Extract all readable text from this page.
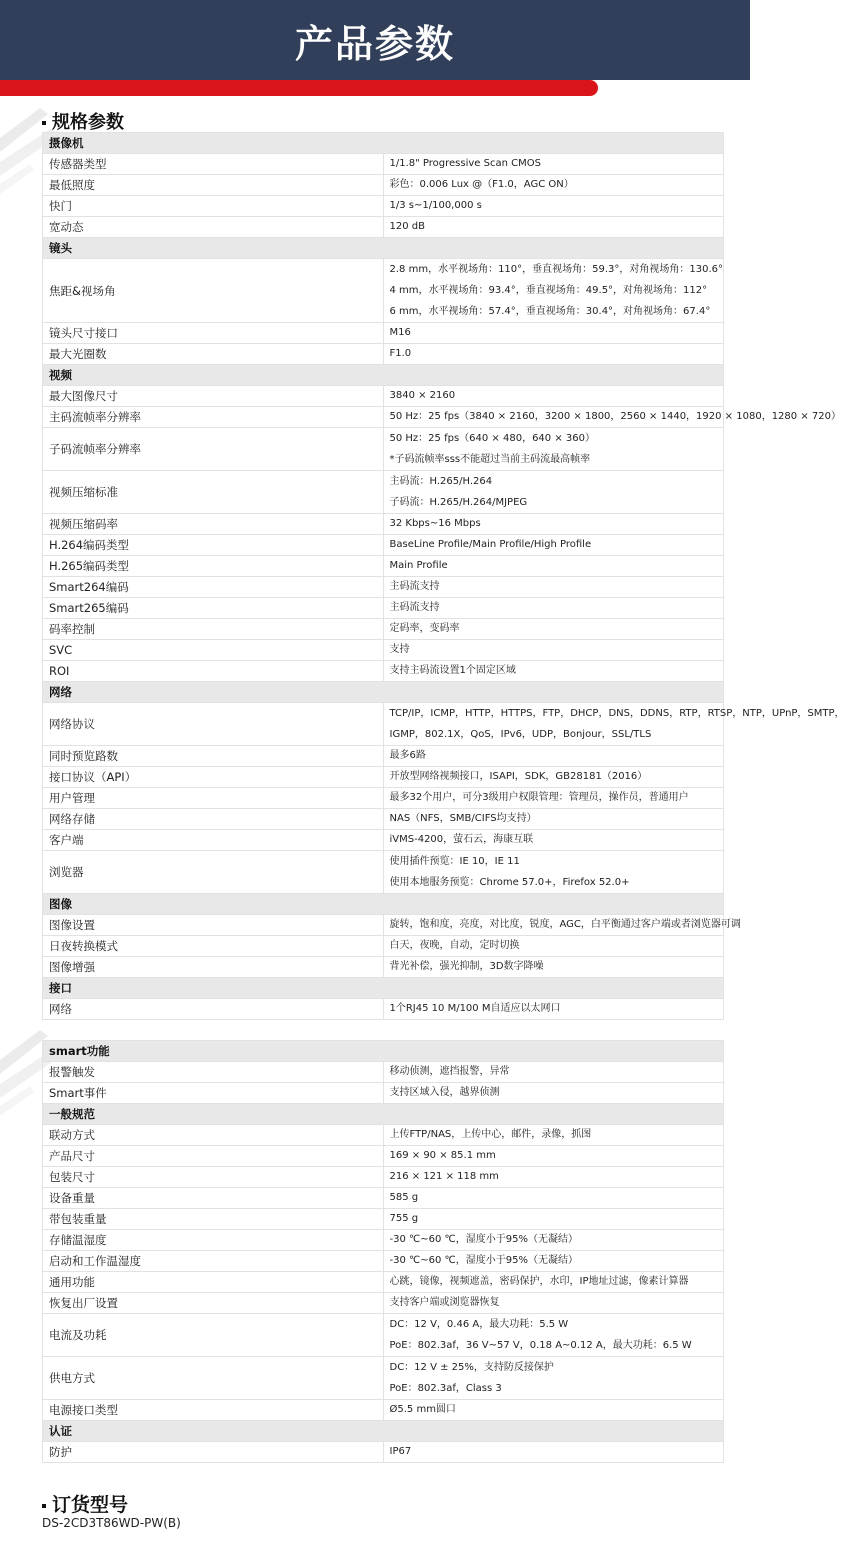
产品参数
规格参数
摄像机	
传感器类型	1/1.8" Progressive Scan CMOS

最低照度	彩色：0.006 Lux @（F1.0，AGC ON）

快门	1/3 s~1/100,000 s

宽动态	120 dB

镜头	
焦距&视场角	2.8 mm，水平视场角：110°，垂直视场角：59.3°，对角视场角：130.6°
4 mm，水平视场角：93.4°，垂直视场角：49.5°，对角视场角：112°
6 mm，水平视场角：57.4°，垂直视场角：30.4°，对角视场角：67.4°

镜头尺寸接口	M16

最大光圈数	F1.0

视频	
最大图像尺寸	3840 × 2160

主码流帧率分辨率	50 Hz：25 fps（3840 × 2160，3200 × 1800，2560 × 1440，1920 × 1080，1280 × 720）

子码流帧率分辨率	50 Hz：25 fps（640 × 480，640 × 360）
*子码流帧率sss不能超过当前主码流最高帧率

视频压缩标准	主码流：H.265/H.264
子码流：H.265/H.264/MJPEG

视频压缩码率	32 Kbps~16 Mbps

H.264编码类型	BaseLine Profile/Main Profile/High Profile

H.265编码类型	Main Profile

Smart264编码	主码流支持

Smart265编码	主码流支持

码率控制	定码率，变码率

SVC	支持

ROI	支持主码流设置1个固定区域

网络	
网络协议	TCP/IP，ICMP，HTTP，HTTPS，FTP，DHCP，DNS，DDNS，RTP，RTSP，NTP，UPnP，SMTP，
IGMP，802.1X，QoS，IPv6，UDP，Bonjour，SSL/TLS

同时预览路数	最多6路

接口协议（API）	开放型网络视频接口，ISAPI，SDK，GB28181（2016）

用户管理	最多32个用户，可分3级用户权限管理：管理员，操作员，普通用户

网络存储	NAS（NFS，SMB/CIFS均支持）

客户端	iVMS-4200，萤石云，海康互联

浏览器	使用插件预览：IE 10，IE 11
使用本地服务预览：Chrome 57.0+，Firefox 52.0+

图像	
图像设置	旋转，饱和度，亮度，对比度，锐度，AGC，白平衡通过客户端或者浏览器可调

日夜转换模式	白天，夜晚，自动，定时切换

图像增强	背光补偿，强光抑制，3D数字降噪

接口	
网络	1个RJ45 10 M/100 M自适应以太网口
smart功能	
报警触发	移动侦测，遮挡报警，异常

Smart事件	支持区域入侵，越界侦测

一般规范	
联动方式	上传FTP/NAS，上传中心，邮件，录像，抓图

产品尺寸	169 × 90 × 85.1 mm

包装尺寸	216 × 121 × 118 mm

设备重量	585 g

带包装重量	755 g

存储温湿度	-30 ℃~60 ℃，湿度小于95%（无凝结）

启动和工作温湿度	-30 ℃~60 ℃，湿度小于95%（无凝结）

通用功能	心跳，镜像，视频遮盖，密码保护，水印，IP地址过滤，像素计算器

恢复出厂设置	支持客户端或浏览器恢复

电流及功耗	DC：12 V，0.46 A，最大功耗：5.5 W
PoE：802.3af，36 V~57 V，0.18 A~0.12 A，最大功耗：6.5 W

供电方式	DC：12 V ± 25%，支持防反接保护
PoE：802.3af，Class 3

电源接口类型	Ø5.5 mm圆口

认证	
防护	IP67
订货型号
DS-2CD3T86WD-PW(B)
